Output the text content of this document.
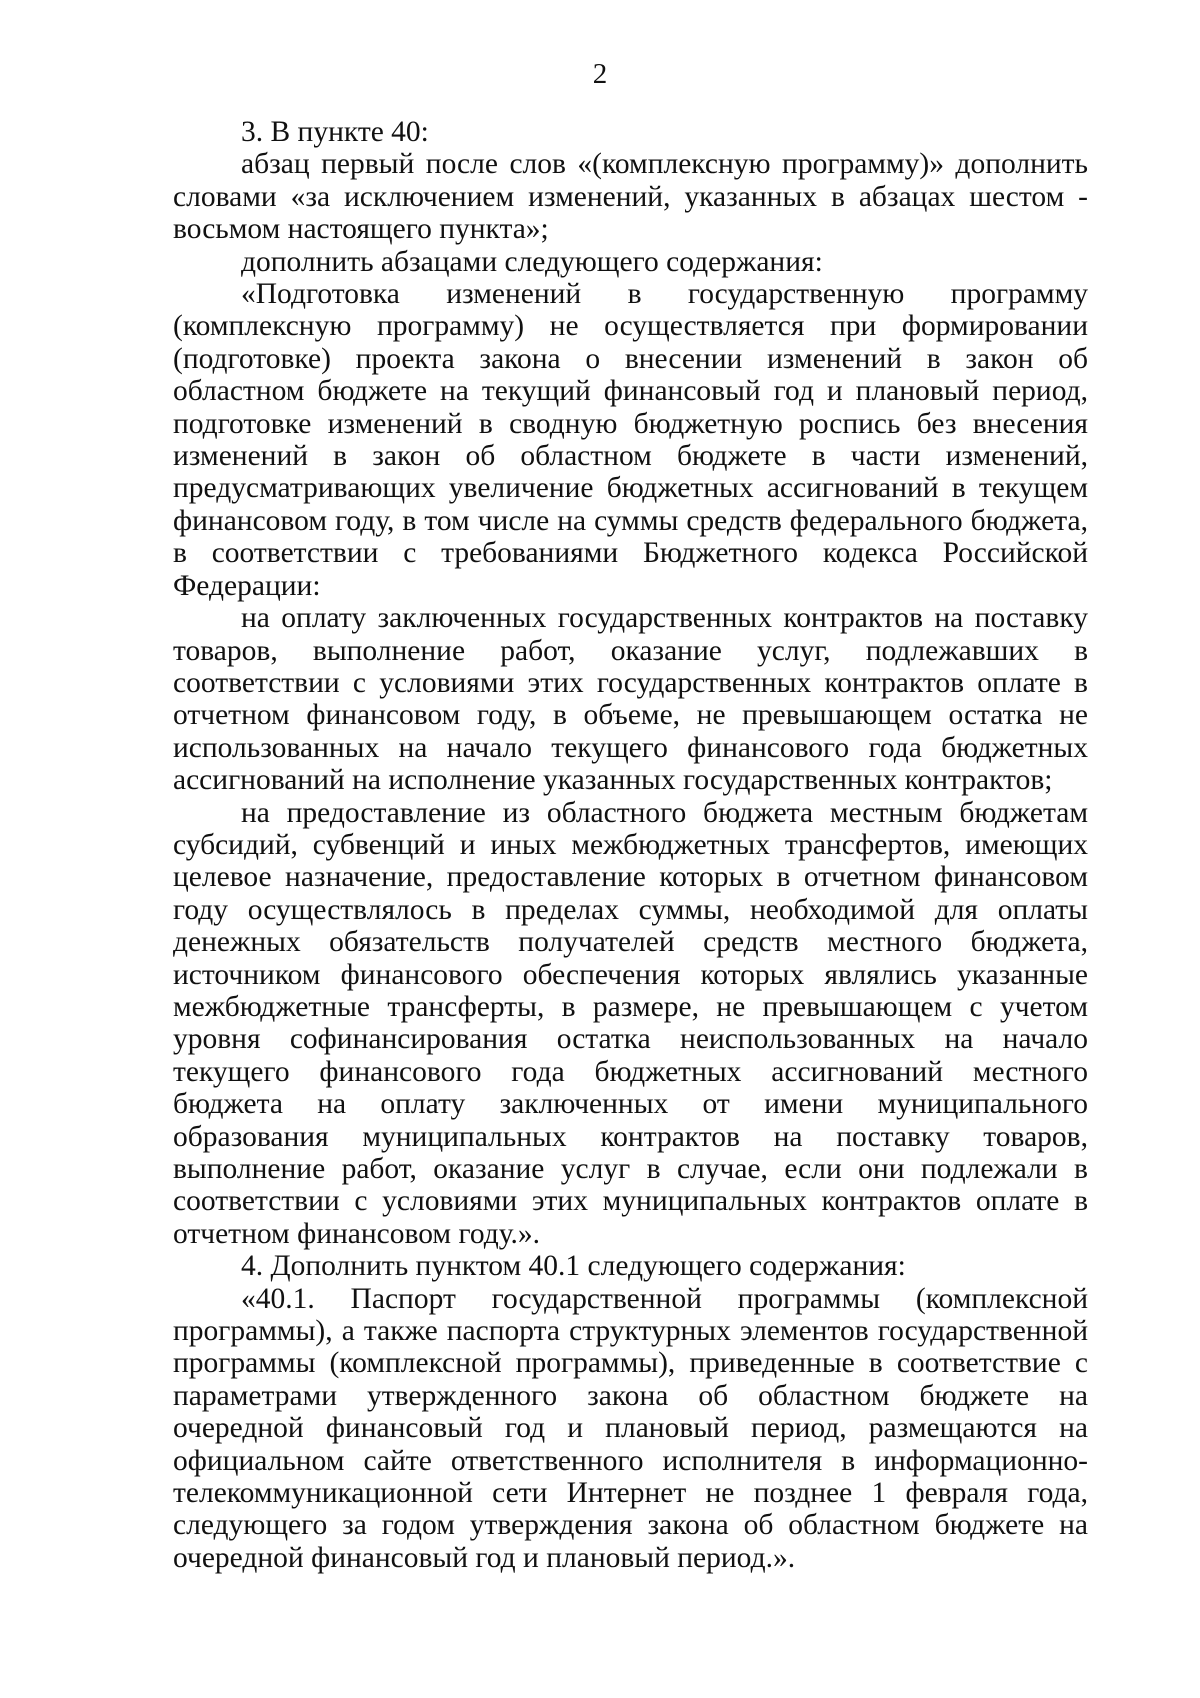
2

3. В пункте 40:

абзац первый после слов «(комплексную программу)» дополнить словами «за исключением изменений, указанных в абзацах шестом - восьмом настоящего пункта»;

дополнить абзацами следующего содержания:

«Подготовка изменений в государственную программу (комплексную программу) не осуществляется при формировании (подготовке) проекта закона о внесении изменений в закон об областном бюджете на текущий финансовый год и плановый период, подготовке изменений в сводную бюджетную роспись без внесения изменений в закон об областном бюджете в части изменений, предусматривающих увеличение бюджетных ассигнований в текущем финансовом году, в том числе на суммы средств федерального бюджета, в соответствии с требованиями Бюджетного кодекса Российской Федерации:

на оплату заключенных государственных контрактов на поставку товаров, выполнение работ, оказание услуг, подлежавших в соответствии с условиями этих государственных контрактов оплате в отчетном финансовом году, в объеме, не превышающем остатка не использованных на начало текущего финансового года бюджетных ассигнований на исполнение указанных государственных контрактов;

на предоставление из областного бюджета местным бюджетам субсидий, субвенций и иных межбюджетных трансфертов, имеющих целевое назначение, предоставление которых в отчетном финансовом году осуществлялось в пределах суммы, необходимой для оплаты денежных обязательств получателей средств местного бюджета, источником финансового обеспечения которых являлись указанные межбюджетные трансферты, в размере, не превышающем с учетом уровня софинансирования остатка неиспользованных на начало текущего финансового года бюджетных ассигнований местного бюджета на оплату заключенных от имени муниципального образования муниципальных контрактов на поставку товаров, выполнение работ, оказание услуг в случае, если они подлежали в соответствии с условиями этих муниципальных контрактов оплате в отчетном финансовом году.».

4. Дополнить пунктом 40.1 следующего содержания:

«40.1. Паспорт государственной программы (комплексной программы), а также паспорта структурных элементов государственной программы (комплексной программы), приведенные в соответствие с параметрами утвержденного закона об областном бюджете на очередной финансовый год и плановый период, размещаются на официальном сайте ответственного исполнителя в информационно-телекоммуникационной сети Интернет не позднее 1 февраля года, следующего за годом утверждения закона об областном бюджете на очередной финансовый год и плановый период.».
